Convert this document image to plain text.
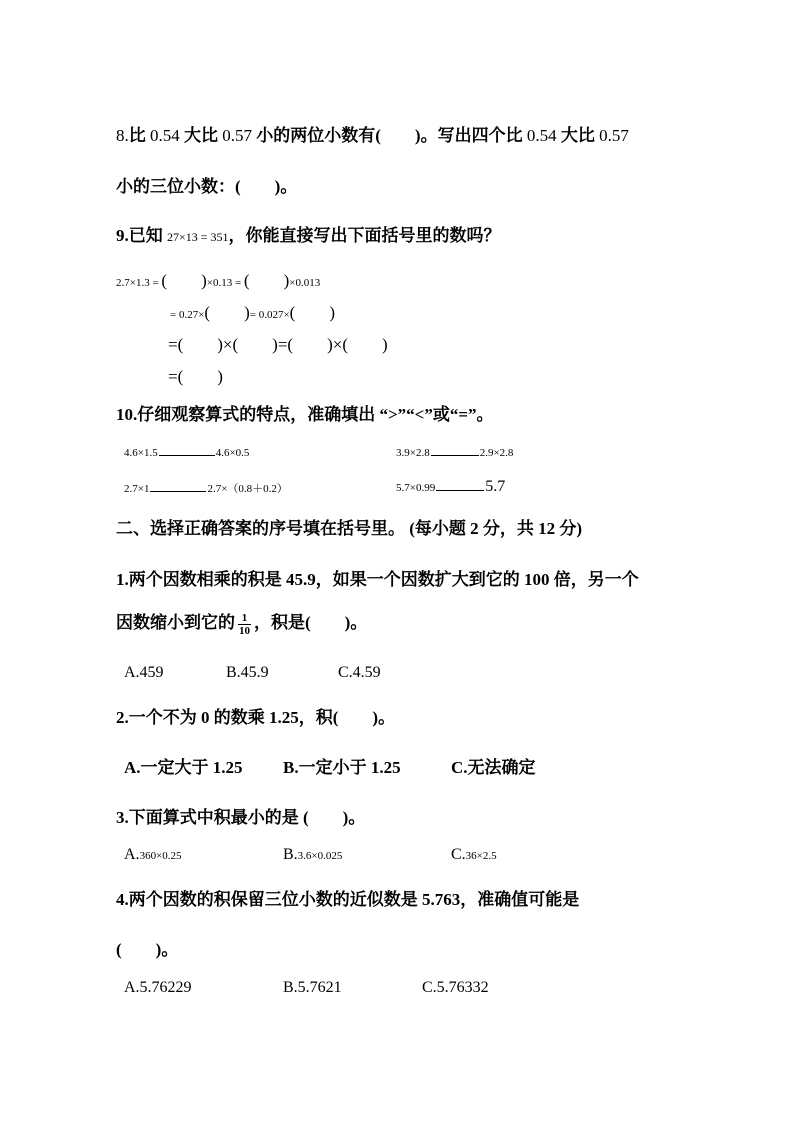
8.比 0.54 大比 0.57 小的两位小数有(　　)。写出四个比 0.54 大比 0.57
小的三位小数：(　　)。
9.已知 27×13 = 351，你能直接写出下面括号里的数吗？
2.7×1.3 = (　　)×0.13 = (　　)×0.013
= 0.27×(　　)= 0.027×(　　)
=(　　)×(　　)=(　　)×(　　)
=(　　)
10.仔细观察算式的特点，准确填出 “>”“<”或“=”。
4.6×1.5	4.6×0.5	3.9×2.8	2.9×2.8
2.7×1	2.7×（0.8＋0.2）	5.7×0.99	5.7
二、选择正确答案的序号填在括号里。 (每小题 2 分，共 12 分)
1.两个因数相乘的积是 45.9，如果一个因数扩大到它的 100 倍，另一个
因数缩小到它的 $\frac{1}{10}$ ，积是(　　)。
A.459	B.45.9	C.4.59
2.一个不为 0 的数乘 1.25，积(　　)。
A.一定大于 1.25 B.一定小于 1.25	C.无法确定
3.下面算式中积最小的是 (　　)。
A.360×0.25	B.3.6×0.025	C.36×2.5
4.两个因数的积保留三位小数的近似数是 5.763，准确值可能是
(　　)。
A.5.76229	B.5.7621	C.5.76332
